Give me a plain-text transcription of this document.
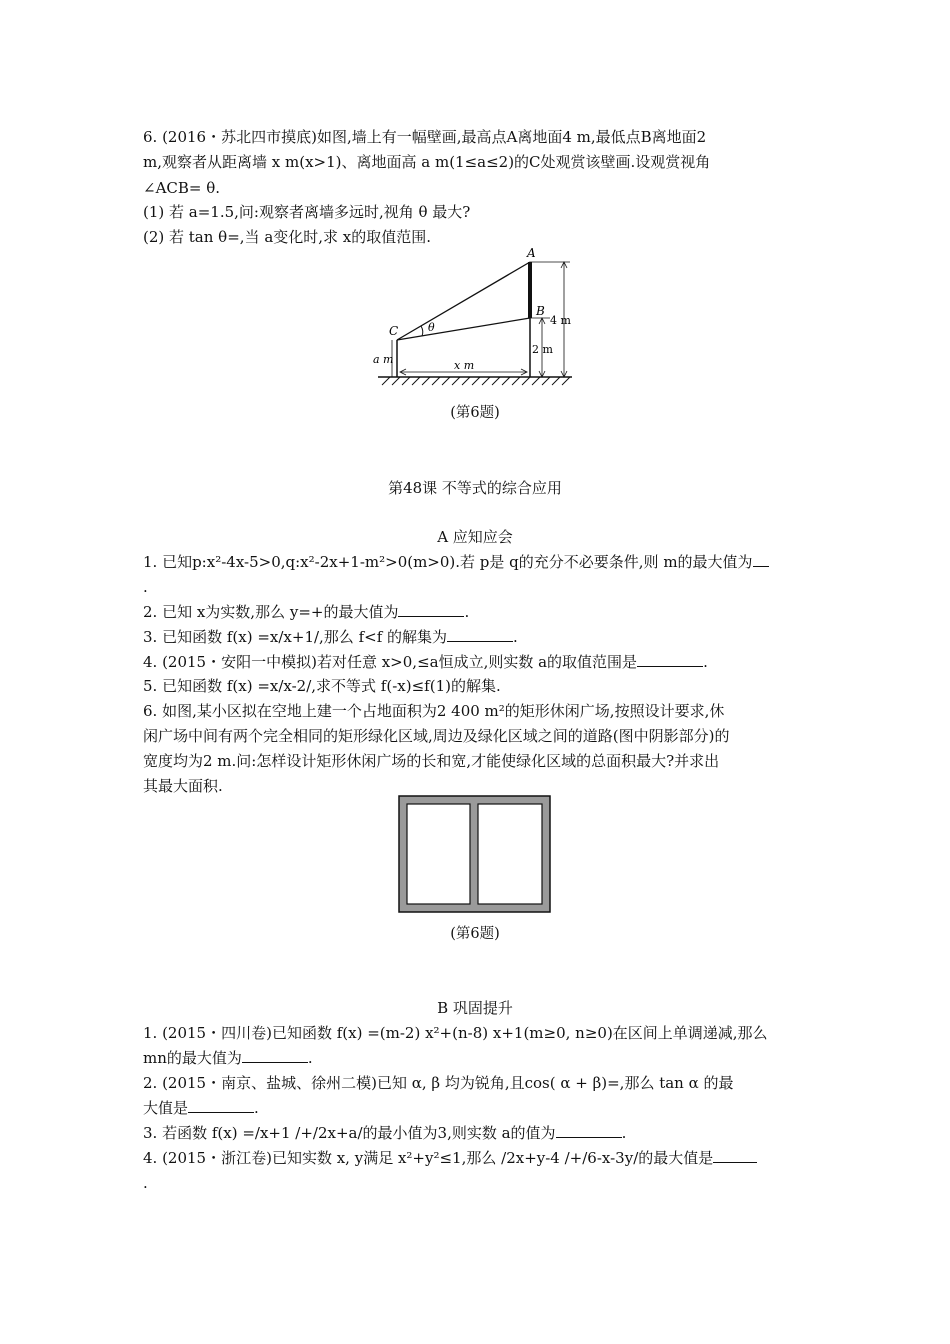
6. (2016・苏北四市摸底)如图,墙上有一幅壁画,最高点A离地面4 m,最低点B离地面2
m,观察者从距离墙 x m(x>1)、离地面高 a m(1≤a≤2)的C处观赏该壁画.设观赏视角
∠ACB= θ.
(1) 若 a=1.5,问:观察者离墙多远时,视角 θ 最大?
(2) 若 tan θ=,当 a变化时,求 x的取值范围.
A
B
C	θ
4 m
2 m
a m	x m
(第6题)
第48课 不等式的综合应用
A 应知应会
1. 已知p:x²-4x-5>0,q:x²-2x+1-m²>0(m>0).若 p是 q的充分不必要条件,则 m的最大值为
.
2. 已知 x为实数,那么 y=+的最大值为	.
3. 已知函数 f(x) =x/x+1/,那么 f<f 的解集为	.
4. (2015・安阳一中模拟)若对任意 x>0,≤a恒成立,则实数 a的取值范围是	.
5. 已知函数 f(x) =x/x-2/,求不等式 f(-x)≤f(1)的解集.
6. 如图,某小区拟在空地上建一个占地面积为2 400 m²的矩形休闲广场,按照设计要求,休
闲广场中间有两个完全相同的矩形绿化区域,周边及绿化区域之间的道路(图中阴影部分)的
宽度均为2 m.问:怎样设计矩形休闲广场的长和宽,才能使绿化区域的总面积最大?并求出
其最大面积.
(第6题)
B 巩固提升
1. (2015・四川卷)已知函数 f(x) =(m-2) x²+(n-8) x+1(m≥0, n≥0)在区间上单调递减,那么
mn的最大值为	.
2. (2015・南京、盐城、徐州二模)已知 α, β 均为锐角,且cos( α + β)=,那么 tan α 的最
大值是	.
3. 若函数 f(x) =/x+1 /+/2x+a/的最小值为3,则实数 a的值为	.
4. (2015・浙江卷)已知实数 x, y满足 x²+y²≤1,那么 /2x+y-4 /+/6-x-3y/的最大值是
.
